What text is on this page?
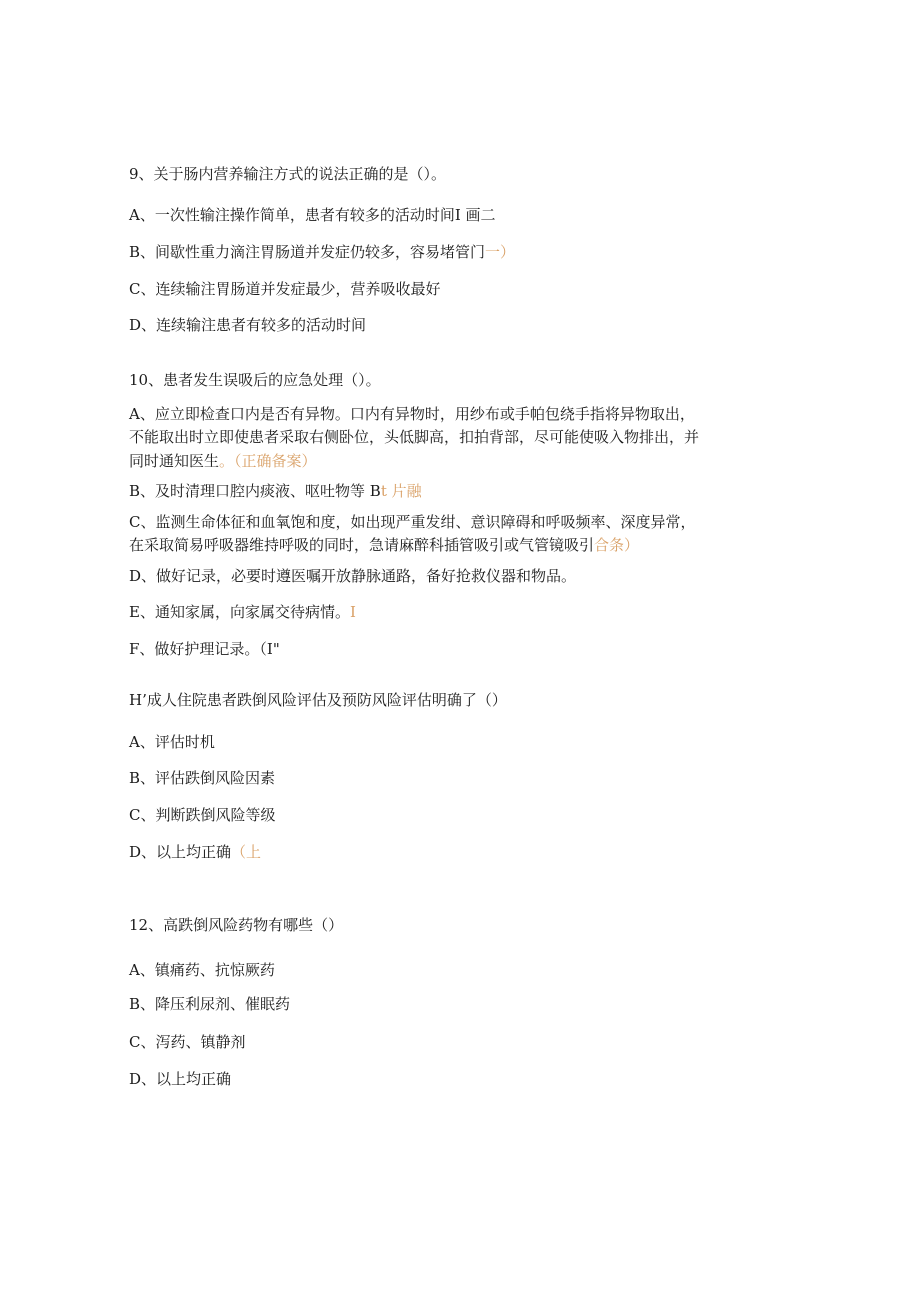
9、关于肠内营养输注方式的说法正确的是（）。
A、一次性输注操作简单，患者有较多的活动时间I 画二
B、间歇性重力滴注胃肠道并发症仍较多，容易堵管门一）
C、连续输注胃肠道并发症最少，营养吸收最好
D、连续输注患者有较多的活动时间
10、患者发生误吸后的应急处理（）。
A、应立即检查口内是否有异物。口内有异物时，用纱布或手帕包绕手指将异物取出，
不能取出时立即使患者采取右侧卧位，头低脚高，扣拍背部，尽可能使吸入物排出，并
同时通知医生。（正确备案）
B、及时清理口腔内痰液、呕吐物等 Bt 片融
C、监测生命体征和血氧饱和度，如出现严重发绀、意识障碍和呼吸频率、深度异常，
在采取简易呼吸器维持呼吸的同时，急请麻醉科插管吸引或气管镜吸引合条）
D、做好记录，必要时遵医嘱开放静脉通路，备好抢救仪器和物品。
E、通知家属，向家属交待病情。I
F、做好护理记录。（I"
H’成人住院患者跌倒风险评估及预防风险评估明确了（）
A、评估时机
B、评估跌倒风险因素
C、判断跌倒风险等级
D、以上均正确（上
12、高跌倒风险药物有哪些（）
A、镇痛药、抗惊厥药
B、降压利尿剂、催眠药
C、泻药、镇静剂
D、以上均正确
